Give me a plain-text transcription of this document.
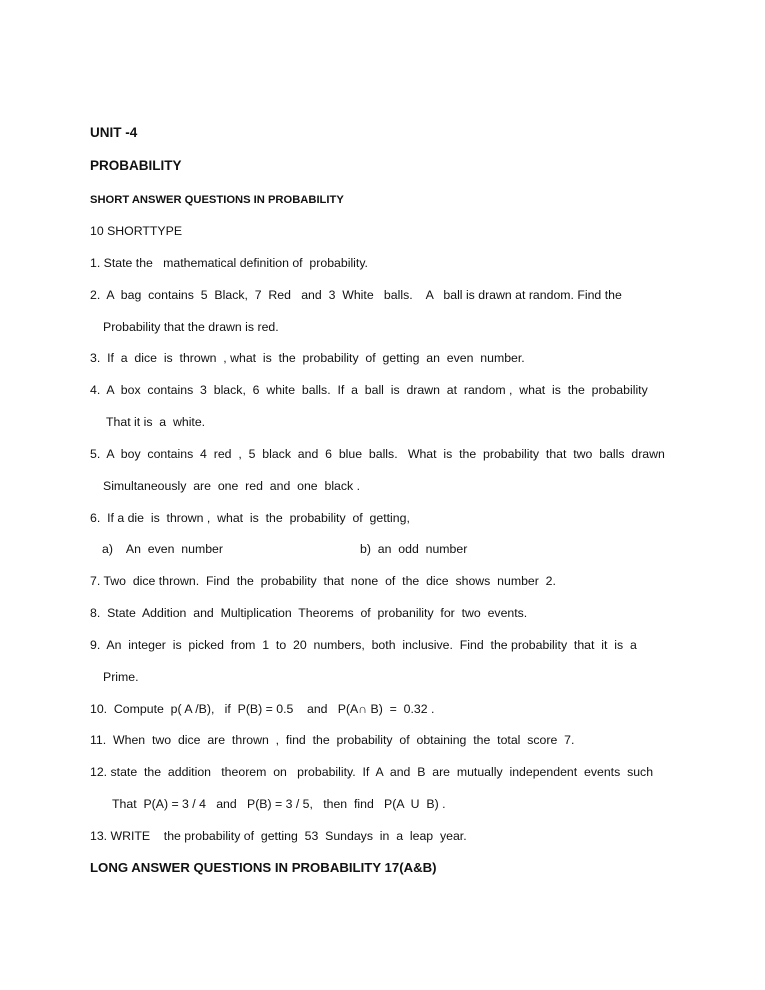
UNIT -4

PROBABILITY

SHORT ANSWER QUESTIONS IN PROBABILITY

10 SHORTTYPE

1. State the   mathematical definition of  probability.

2.  A  bag  contains  5  Black,  7  Red   and  3  White   balls.    A   ball is drawn at random. Find the

Probability that the drawn is red.

3.  If  a  dice  is  thrown  , what  is  the  probability  of  getting  an  even  number.

4.  A  box  contains  3  black,  6  white  balls.  If  a  ball  is  drawn  at  random ,  what  is  the  probability

That it is  a  white.

5.  A  boy  contains  4  red  ,  5  black  and  6  blue  balls.   What  is  the  probability  that  two  balls  drawn

Simultaneously  are  one  red  and  one  black .

6.  If a die  is  thrown ,  what  is  the  probability  of  getting,

a)    An  even  number	b)  an  odd  number

7. Two  dice thrown.  Find  the  probability  that  none  of  the  dice  shows  number  2.

8.  State  Addition  and  Multiplication  Theorems  of  probanility  for  two  events.

9.  An  integer  is  picked  from  1  to  20  numbers,  both  inclusive.  Find  the probability  that  it  is  a

Prime.

10.  Compute  p( A /B),   if  P(B) = 0.5    and   P(A∩ B)  =  0.32 .

11.  When  two  dice  are  thrown  ,  find  the  probability  of  obtaining  the  total  score  7.

12. state  the  addition   theorem  on   probability.  If  A  and  B  are  mutually  independent  events  such

That  P(A) = 3 / 4   and   P(B) = 3 / 5,   then  find   P(A  U  B) .

13. WRITE    the probability of  getting  53  Sundays  in  a  leap  year.

LONG ANSWER QUESTIONS IN PROBABILITY 17(A&B)
